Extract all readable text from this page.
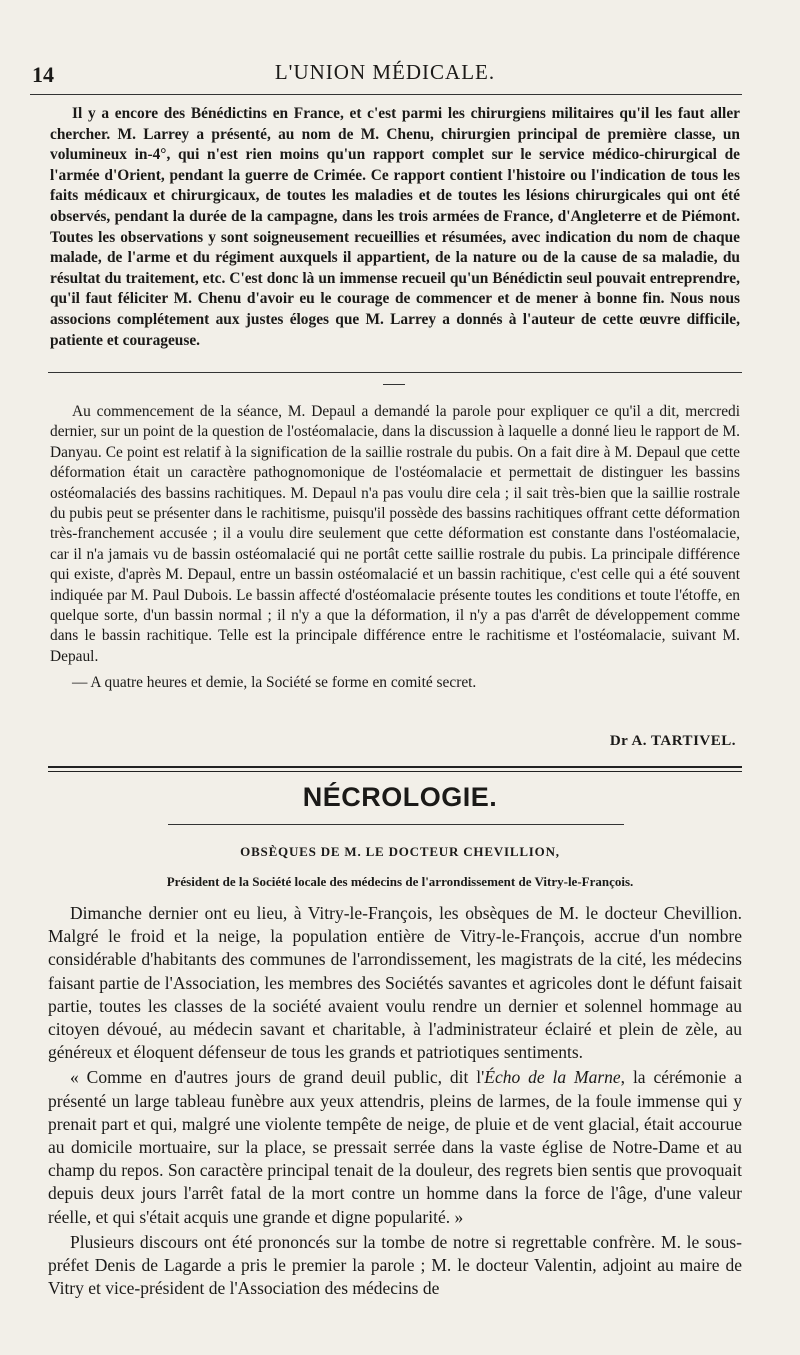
14	L'UNION MÉDICALE.

Il y a encore des Bénédictins en France, et c'est parmi les chirurgiens militaires qu'il les faut aller chercher. M. Larrey a présenté, au nom de M. Chenu, chirurgien principal de première classe, un volumineux in-4°, qui n'est rien moins qu'un rapport complet sur le service médico-chirurgical de l'armée d'Orient, pendant la guerre de Crimée. Ce rapport contient l'histoire ou l'indication de tous les faits médicaux et chirurgicaux, de toutes les maladies et de toutes les lésions chirurgicales qui ont été observés, pendant la durée de la campagne, dans les trois armées de France, d'Angleterre et de Piémont. Toutes les observations y sont soigneusement recueillies et résumées, avec indication du nom de chaque malade, de l'arme et du régiment auxquels il appartient, de la nature ou de la cause de sa maladie, du résultat du traitement, etc. C'est donc là un immense recueil qu'un Bénédictin seul pouvait entreprendre, qu'il faut féliciter M. Chenu d'avoir eu le courage de commencer et de mener à bonne fin. Nous nous associons complétement aux justes éloges que M. Larrey a donnés à l'auteur de cette œuvre difficile, patiente et courageuse.

Au commencement de la séance, M. Depaul a demandé la parole pour expliquer ce qu'il a dit, mercredi dernier, sur un point de la question de l'ostéomalacie, dans la discussion à laquelle a donné lieu le rapport de M. Danyau. Ce point est relatif à la signification de la saillie rostrale du pubis. On a fait dire à M. Depaul que cette déformation était un caractère pathognomonique de l'ostéomalacie et permettait de distinguer les bassins ostéomalaciés des bassins rachitiques. M. Depaul n'a pas voulu dire cela ; il sait très-bien que la saillie rostrale du pubis peut se présenter dans le rachitisme, puisqu'il possède des bassins rachitiques offrant cette déformation très-franchement accusée ; il a voulu dire seulement que cette déformation est constante dans l'ostéomalacie, car il n'a jamais vu de bassin ostéomalacié qui ne portât cette saillie rostrale du pubis. La principale différence qui existe, d'après M. Depaul, entre un bassin ostéomalacié et un bassin rachitique, c'est celle qui a été souvent indiquée par M. Paul Dubois. Le bassin affecté d'ostéomalacie présente toutes les conditions et toute l'étoffe, en quelque sorte, d'un bassin normal ; il n'y a que la déformation, il n'y a pas d'arrêt de développement comme dans le bassin rachitique. Telle est la principale différence entre le rachitisme et l'ostéomalacie, suivant M. Depaul.

— A quatre heures et demie, la Société se forme en comité secret.

Dr A. TARTIVEL.
NÉCROLOGIE.
OBSÈQUES DE M. LE DOCTEUR CHEVILLION,
Président de la Société locale des médecins de l'arrondissement de Vitry-le-François.

Dimanche dernier ont eu lieu, à Vitry-le-François, les obsèques de M. le docteur Chevillion. Malgré le froid et la neige, la population entière de Vitry-le-François, accrue d'un nombre considérable d'habitants des communes de l'arrondissement, les magistrats de la cité, les médecins faisant partie de l'Association, les membres des Sociétés savantes et agricoles dont le défunt faisait partie, toutes les classes de la société avaient voulu rendre un dernier et solennel hommage au citoyen dévoué, au médecin savant et charitable, à l'administrateur éclairé et plein de zèle, au généreux et éloquent défenseur de tous les grands et patriotiques sentiments.

« Comme en d'autres jours de grand deuil public, dit l'Écho de la Marne, la cérémonie a présenté un large tableau funèbre aux yeux attendris, pleins de larmes, de la foule immense qui y prenait part et qui, malgré une violente tempête de neige, de pluie et de vent glacial, était accourue au domicile mortuaire, sur la place, se pressait serrée dans la vaste église de Notre-Dame et au champ du repos. Son caractère principal tenait de la douleur, des regrets bien sentis que provoquait depuis deux jours l'arrêt fatal de la mort contre un homme dans la force de l'âge, d'une valeur réelle, et qui s'était acquis une grande et digne popularité. »

Plusieurs discours ont été prononcés sur la tombe de notre si regrettable confrère. M. le sous-préfet Denis de Lagarde a pris le premier la parole ; M. le docteur Valentin, adjoint au maire de Vitry et vice-président de l'Association des médecins de
